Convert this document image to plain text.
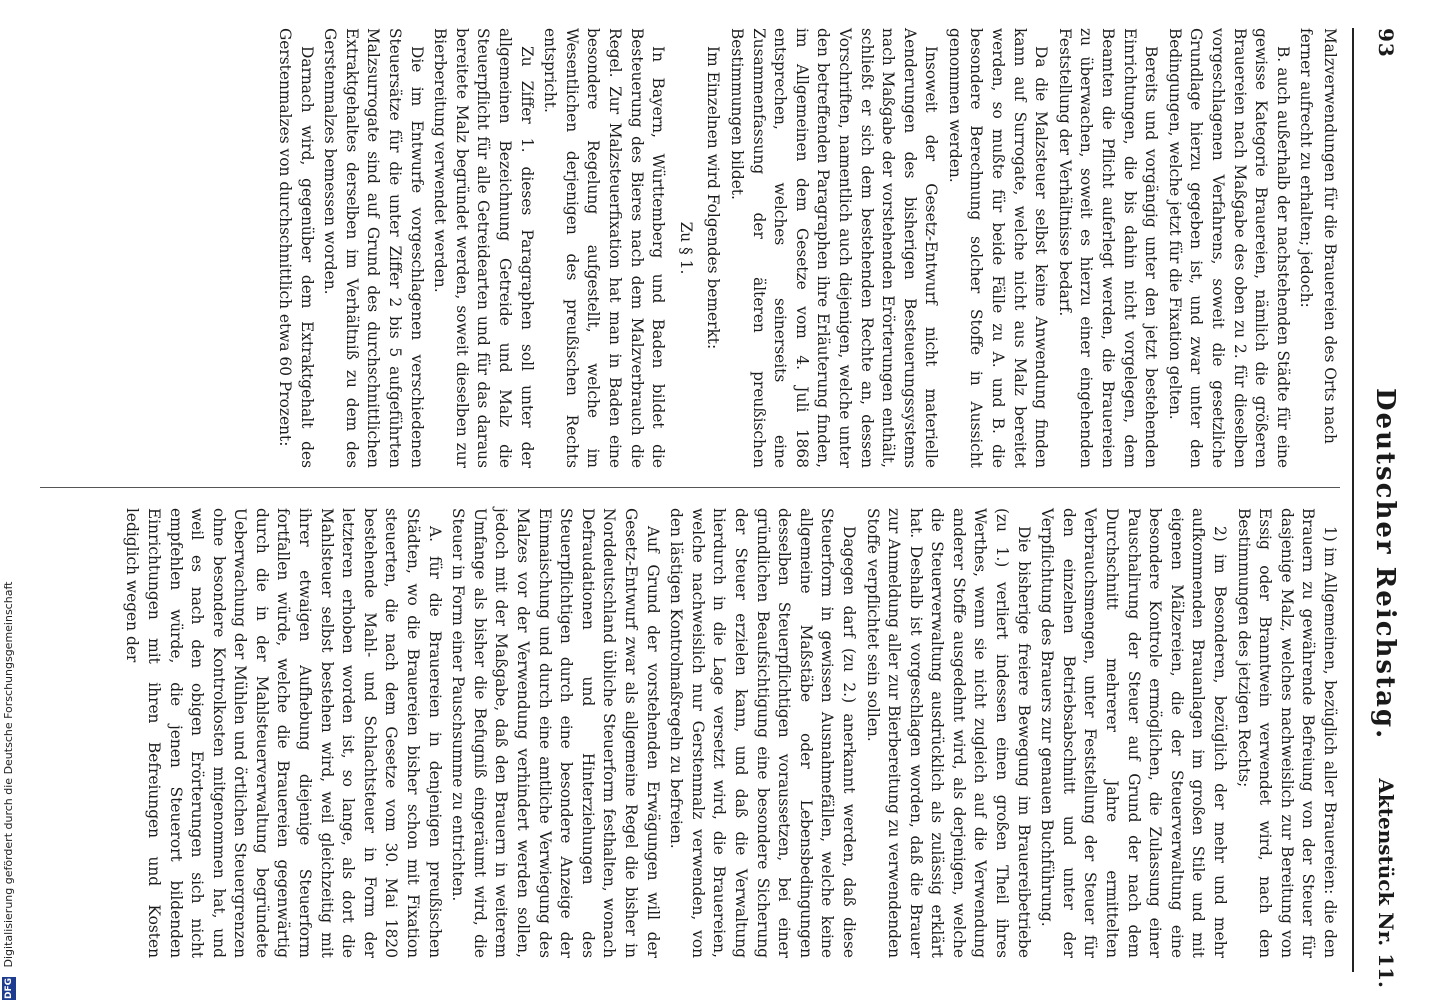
93
Deutscher Reichstag.
Aktenstück Nr. 11.

Malzverwendungen für die Brauereien des Orts nach

ferner aufrecht zu erhalten; jedoch:

B. auch außerhalb der nachstehenden Städte für eine gewisse Kategorie Brauereien, nämlich die größeren Brauereien nach Maßgabe des oben zu 2. für dieselben vorgeschlagenen Verfahrens, soweit die gesetzliche Grundlage hierzu gegeben ist, und zwar unter den Bedingungen, welche jetzt für die Fixation gelten.

Bereits und vorgängig unter den jetzt bestehenden Einrichtungen, die bis dahin nicht vorgelegen, dem Beamten die Pflicht auferlegt werden, die Brauereien zu überwachen, soweit es hierzu einer eingehenden Feststellung der Verhältnisse bedarf.

Da die Malzsteuer selbst keine Anwendung finden kann auf Surrogate, welche nicht aus Malz bereitet werden, so mußte für beide Fälle zu A. und B. die besondere Berechnung solcher Stoffe in Aussicht genommen werden.

Insoweit der Gesetz-Entwurf nicht materielle Aenderungen des bisherigen Besteuerungssystems nach Maßgabe der vorstehenden Erörterungen enthält, schließt er sich dem bestehenden Rechte an, dessen Vorschriften, namentlich auch diejenigen, welche unter den betreffenden Paragraphen ihre Erläuterung finden, im Allgemeinen dem Gesetze vom 4. Juli 1868 entsprechen, welches seinerseits eine Zusammenfassung der älteren preußischen Bestimmungen bildet.

Im Einzelnen wird Folgendes bemerkt:

Zu § 1.

In Bayern, Württemberg und Baden bildet die Besteuerung des Bieres nach dem Malzverbrauch die Regel. Zur Malzsteuerfixation hat man in Baden eine besondere Regelung aufgestellt, welche im Wesentlichen derjenigen des preußischen Rechts entspricht.

Zu Ziffer 1. dieses Paragraphen soll unter der allgemeinen Bezeichnung Getreide und Malz die Steuerpflicht für alle Getreidearten und für das daraus bereitete Malz begründet werden, soweit dieselben zur Bierbereitung verwendet werden.

Die im Entwurfe vorgeschlagenen verschiedenen Steuersätze für die unter Ziffer 2 bis 5 aufgeführten Malzsurrogate sind auf Grund des durchschnittlichen Extraktgehaltes derselben im Verhältniß zu dem des Gerstenmalzes bemessen worden.

Darnach wird, gegenüber dem Extraktgehalt des Gerstenmalzes von durchschnittlich etwa 60 Prozent:

1) im Allgemeinen, bezüglich aller Brauereien: die den Brauern zu gewährende Befreiung von der Steuer für dasjenige Malz, welches nachweislich zur Bereitung von Essig oder Branntwein verwendet wird, nach den Bestimmungen des jetzigen Rechts;

2) im Besonderen, bezüglich der mehr und mehr aufkommenden Brauanlagen im großen Stile und mit eigenen Mälzereien, die der Steuerverwaltung eine besondere Kontrole ermöglichen, die Zulassung einer Pauschalirung der Steuer auf Grund der nach dem Durchschnitt mehrerer Jahre ermittelten Verbrauchsmengen, unter Feststellung der Steuer für den einzelnen Betriebsabschnitt und unter der Verpflichtung des Brauers zur genauen Buchführung.

Die bisherige freiere Bewegung im Brauereibetriebe (zu 1.) verliert indessen einen großen Theil ihres Werthes, wenn sie nicht zugleich auf die Verwendung anderer Stoffe ausgedehnt wird, als derjenigen, welche die Steuerverwaltung ausdrücklich als zulässig erklärt hat. Deshalb ist vorgeschlagen worden, daß die Brauer zur Anmeldung aller zur Bierbereitung zu verwendenden Stoffe verpflichtet sein sollen.

Dagegen darf (zu 2.) anerkannt werden, daß diese Steuerform in gewissen Ausnahmefällen, welche keine allgemeine Maßstäbe oder Lebensbedingungen desselben Steuerpflichtigen voraussetzen, bei einer gründlichen Beaufsichtigung eine besondere Sicherung der Steuer erzielen kann, und daß die Verwaltung hierdurch in die Lage versetzt wird, die Brauereien, welche nachweislich nur Gerstenmalz verwenden, von den lästigen Kontrolmaßregeln zu befreien.

Auf Grund der vorstehenden Erwägungen will der Gesetz-Entwurf zwar als allgemeine Regel die bisher in Norddeutschland übliche Steuerform festhalten, wonach Defraudationen und Hinterziehungen des Steuerpflichtigen durch eine besondere Anzeige der Einmaischung und durch eine amtliche Verwiegung des Malzes vor der Verwendung verhindert werden sollen, jedoch mit der Maßgabe, daß den Brauern in weiterem Umfange als bisher die Befugniß eingeräumt wird, die Steuer in Form einer Pauschsumme zu entrichten.

A. für die Brauereien in denjenigen preußischen Städten, wo die Brauereien bisher schon mit Fixation steuerten, die nach dem Gesetze vom 30. Mai 1820 bestehende Mahl- und Schlachtsteuer in Form der letzteren erhoben worden ist, so lange, als dort die Mahlsteuer selbst bestehen wird, weil gleichzeitig mit ihrer etwaigen Aufhebung diejenige Steuerform fortfallen würde, welche die Brauereien gegenwärtig durch die in der Mahlsteuerverwaltung begründete Ueberwachung der Mühlen und örtlichen Steuergrenzen ohne besondere Kontrolkosten mitgenommen hat, und weil es nach den obigen Erörterungen sich nicht empfehlen würde, die jenen Steuerort bildenden Einrichtungen mit ihren Befreiungen und Kosten lediglich wegen der

DFG Digitalisierung gefördert durch die Deutsche Forschungsgemeinschaft
